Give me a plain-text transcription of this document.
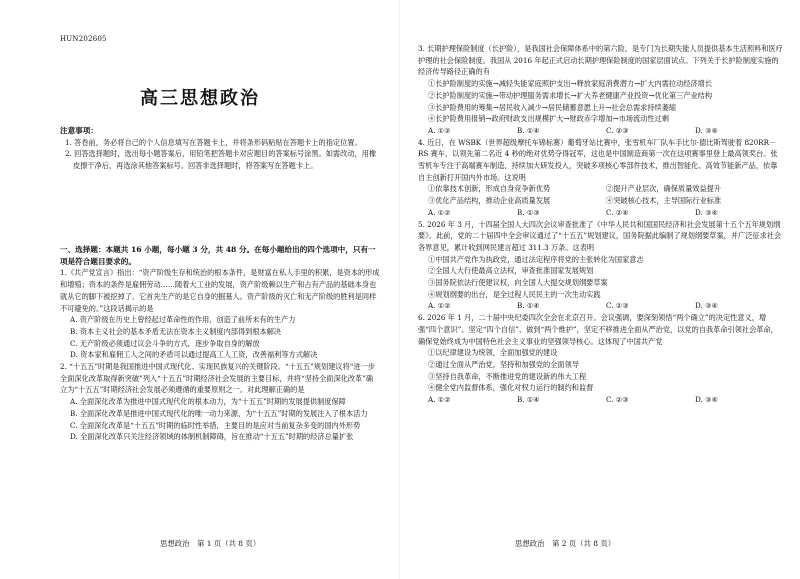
HUN202605
高三思想政治

注意事项：

1. 答卷前，务必将自己的个人信息填写在答题卡上，并将条形码粘贴在答题卡上的指定位置。

2. 回答选择题时，选出每小题答案后，用铅笔把答题卡对应题目的答案标号涂黑。如需改动，用橡皮擦干净后，再选涂其他答案标号。回答非选择题时，将答案写在答题卡上。

一、选择题：本题共 16 小题，每小题 3 分，共 48 分。在每小题给出的四个选项中，只有一项是符合题目要求的。

1.《共产党宣言》指出：“资产阶级生存和统治的根本条件，是财富在私人手里的积累，是资本的形成和增殖；资本的条件是雇佣劳动……随着大工业的发展，资产阶级赖以生产和占有产品的基础本身也就从它的脚下被挖掉了。它首先生产的是它自身的掘墓人。资产阶级的灭亡和无产阶级的胜利是同样不可避免的。”这段话揭示的是

A. 资产阶级在历史上曾经起过革命性的作用，创造了前所未有的生产力

B. 资本主义社会的基本矛盾无法在资本主义制度内部得到根本解决

C. 无产阶级必须通过议会斗争的方式，逐步争取自身的解放

D. 资本家和雇佣工人之间的矛盾可以通过提高工人工资，改善福利等方式解决

2. “十五五”时期是我国推进中国式现代化、实现民族复兴的关键阶段。“十五五”规划建议将“进一步全面深化改革取得新突破”列入“十五五”时期经济社会发展的主要目标，并将“坚持全面深化改革”确立为“十五五”时期经济社会发展必须遵循的重要原则之一。对此理解正确的是

A. 全面深化改革为推进中国式现代化的根本动力，为“十五五”时期的发展提供制度保障

B. 全面深化改革是推进中国式现代化的唯一动力来源，为“十五五”时期的发展注入了根本活力

C. 全面深化改革是“十五五”时期的临时性举措，主要目的是应对当前复杂多变的国内外形势

D. 全面深化改革只关注经济领域的体制机制障碍，旨在推动“十五五”时期的经济总量扩张

思想政治　第 1 页（共 8 页）

3. 长期护理保险制度（长护险），是我国社会保障体系中的第六险，是专门为长期失能人员提供基本生活照料和医疗护理的社会保险制度。我国从 2016 年起正式启动长期护理保险制度的国家层面试点。下列关于长护险制度实施的经济传导路径正确的有

①长护险制度的实施→减轻失能家庭照护支出→释放家庭消费潜力→扩大内需拉动经济增长

②长护险制度的实施→带动护理服务需求增长→扩大养老健康产业投资→优化第三产业结构

③长护险费用的筹集→居民收入减少→居民储蓄意愿上升→社会总需求持续萎缩

④长护险费用报销→政府财政支出规模扩大→财政赤字增加→市场流动性过剩

A. ①②	B. ①④	C. ②③	D. ③④

4. 近日，在 WSBK（世界超级摩托车锦标赛）葡萄牙站比赛中，张雪机车厂队车手比尔·德比斯驾驶着 820RR－RS 赛车，以领先第二名近 4 秒的绝对优势夺得冠军，这也是中国制造商第一次在这项赛事里登上最高领奖台。张雪机车专注于高端赛车制造，持续加大研发投入，突破多项核心零部件技术，推出智能化、高效节能新产品，依靠自主创新打开国内外市场。这说明

①依靠技术创新，形成自身竞争新优势	②提升产业层次，确保质量效益提升
③优化产品结构，推动企业高质量发展	④突破核心技术，主导国际行业标准
A. ①②	B. ①③	C. ②④	D. ③④

5. 2026 年 3 月，十四届全国人大四次会议审查批准了《中华人民共和国国民经济和社会发展第十五个五年规划纲要》。此前，党的二十届四中全会审议通过了“十五五”规划建议，国务院据此编制了规划纲要草案，并广泛征求社会各界意见，累计收到网民建言超过 311.3 万条。这表明

①中国共产党作为执政党，通过法定程序将党的主张转化为国家意志

②全国人大行使最高立法权，审查批准国家发展规划

③国务院依法行使建议权，向全国人大提交规划纲要草案

④规划纲要的出台，是全过程人民民主的一次生动实践

A. ①②	B. ①④	C. ②③	D. ③④

6. 2026 年 1 月，二十届中央纪委四次全会在北京召开。会议强调，要深刻领悟“两个确立”的决定性意义，增强“四个意识”、坚定“四个自信”、做到“两个维护”，坚定不移推进全面从严治党，以党的自我革命引领社会革命，确保党始终成为中国特色社会主义事业的坚强领导核心。这体现了中国共产党

①以纪律建设为统领，全面加强党的建设

②通过全面从严治党，坚持和加强党的全面领导

③坚持自我革命，不断推进党的建设新的伟大工程

④健全党内监督体系，强化对权力运行的制约和监督

A. ①②	B. ①④	C. ②③	D. ③④
思想政治　第 2 页（共 8 页）
